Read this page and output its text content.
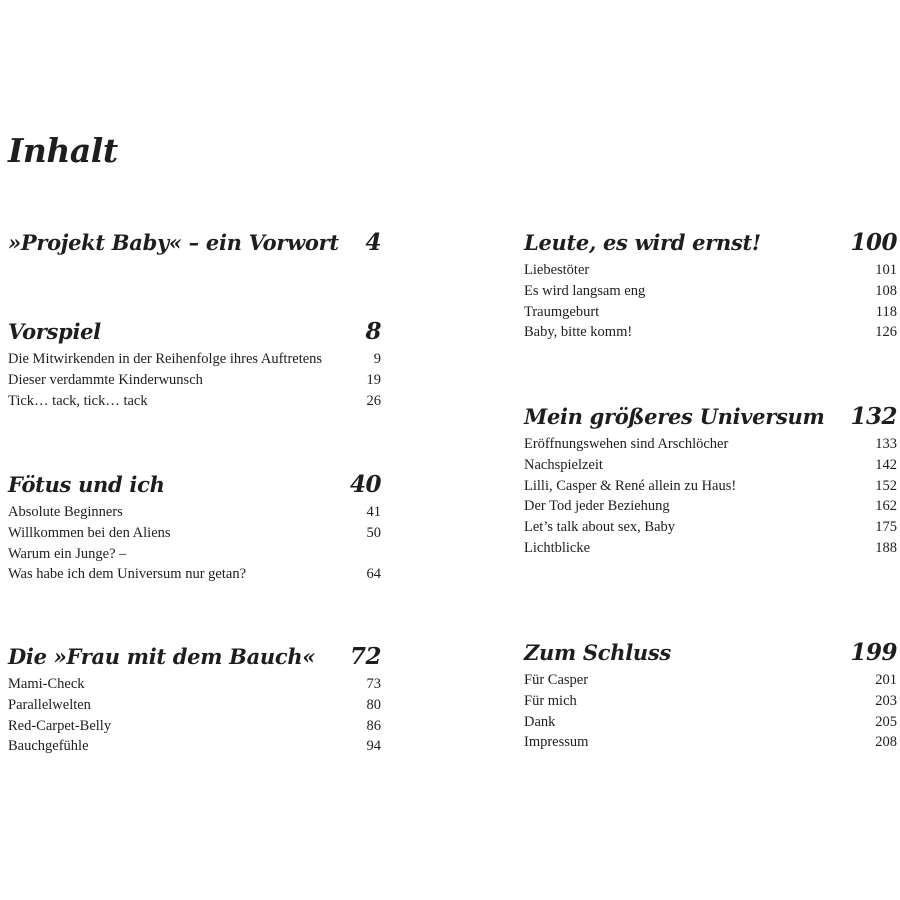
Inhalt
»Projekt Baby« – ein Vorwort 4
Vorspiel	8
Die Mitwirkenden in der Reihenfolge ihres Auftretens	9
Dieser verdammte Kinderwunsch	19
Tick… tack, tick… tack	26
Fötus und ich	40
Absolute Beginners	41
Willkommen bei den Aliens	50
Warum ein Junge? –
Was habe ich dem Universum nur getan?	64
Die »Frau mit dem Bauch« 72
Mami-Check	73
Parallelwelten	80
Red-Carpet-Belly	86
Bauchgefühle	94
Leute, es wird ernst!	100
Liebestöter	101
Es wird langsam eng	108
Traumgeburt	118
Baby, bitte komm!	126
Mein größeres Universum 132
Eröffnungswehen sind Arschlöcher	133
Nachspielzeit	142
Lilli, Casper & René allein zu Haus!	152
Der Tod jeder Beziehung	162
Let’s talk about sex, Baby	175
Lichtblicke	188
Zum Schluss	199
Für Casper	201
Für mich	203
Dank	205
Impressum	208
